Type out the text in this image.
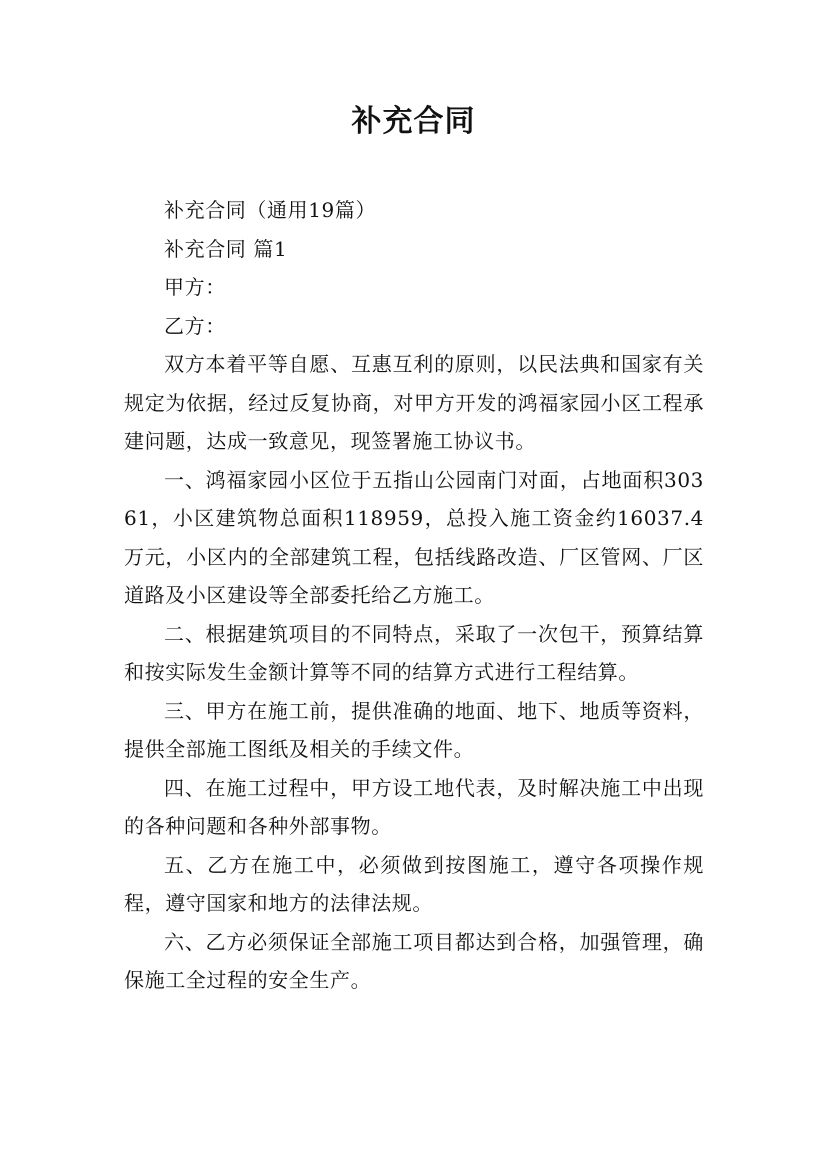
补充合同

补充合同（通用19篇）

补充合同 篇1

甲方：

乙方：

双方本着平等自愿、互惠互利的原则，以民法典和国家有关规定为依据，经过反复协商，对甲方开发的鸿福家园小区工程承建问题，达成一致意见，现签署施工协议书。

一、鸿福家园小区位于五指山公园南门对面，占地面积30361，小区建筑物总面积118959，总投入施工资金约16037.4万元，小区内的全部建筑工程，包括线路改造、厂区管网、厂区道路及小区建设等全部委托给乙方施工。

二、根据建筑项目的不同特点，采取了一次包干，预算结算和按实际发生金额计算等不同的结算方式进行工程结算。

三、甲方在施工前，提供准确的地面、地下、地质等资料，提供全部施工图纸及相关的手续文件。

四、在施工过程中，甲方设工地代表，及时解决施工中出现的各种问题和各种外部事物。

五、乙方在施工中，必须做到按图施工，遵守各项操作规程，遵守国家和地方的法律法规。

六、乙方必须保证全部施工项目都达到合格，加强管理，确保施工全过程的安全生产。
